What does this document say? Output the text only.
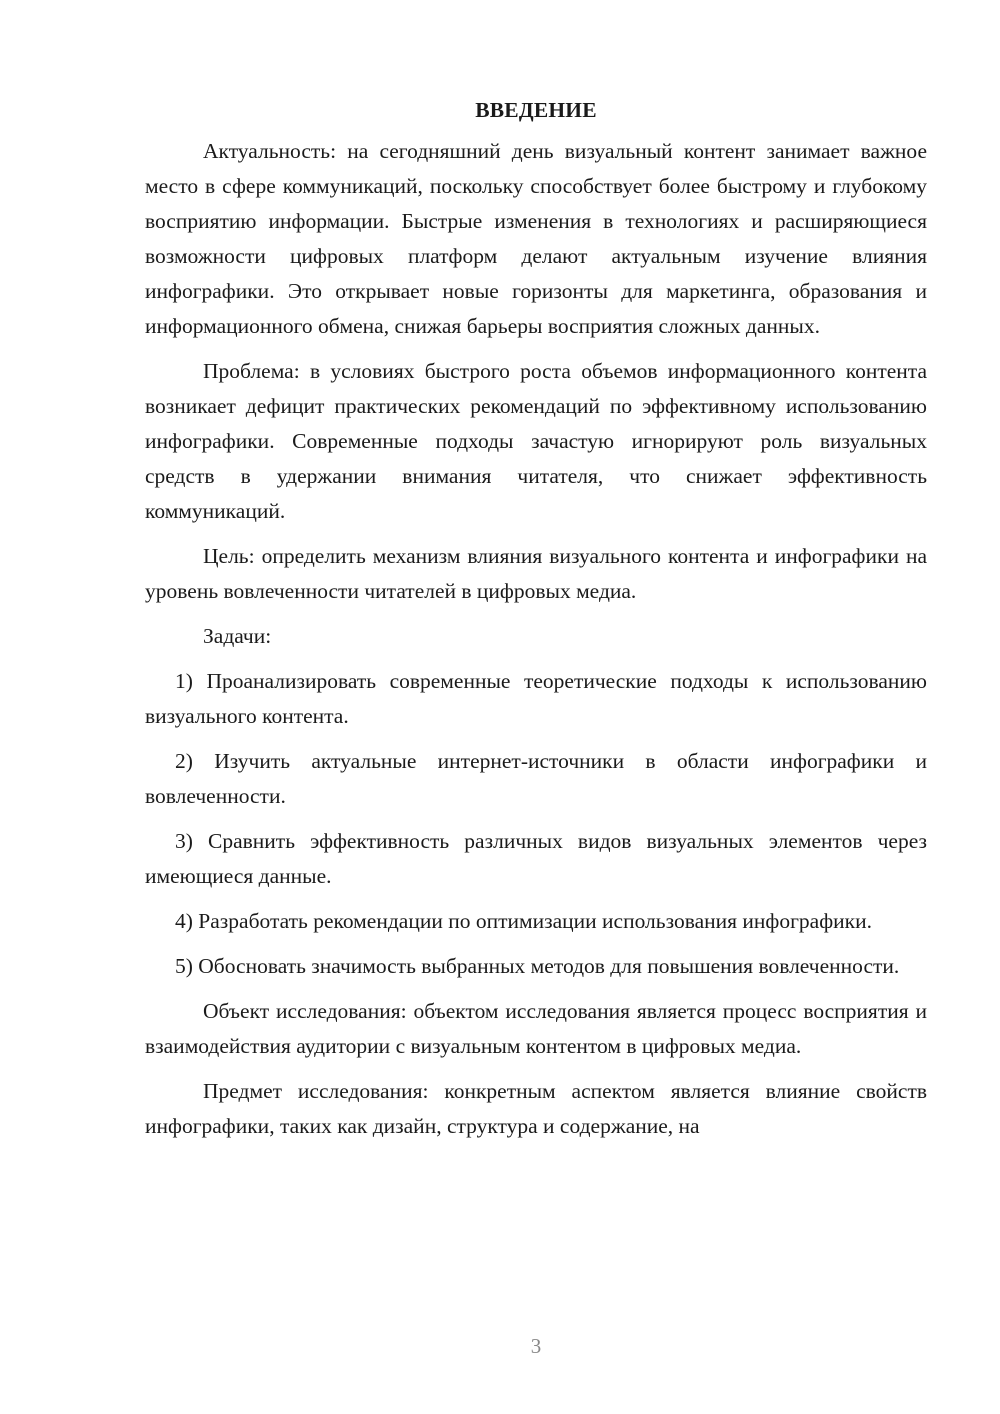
ВВЕДЕНИЕ

Актуальность: на сегодняшний день визуальный контент занимает важное место в сфере коммуникаций, поскольку способствует более быстрому и глубокому восприятию информации. Быстрые изменения в технологиях и расширяющиеся возможности цифровых платформ делают актуальным изучение влияния инфографики. Это открывает новые горизонты для маркетинга, образования и информационного обмена, снижая барьеры восприятия сложных данных.

Проблема: в условиях быстрого роста объемов информационного контента возникает дефицит практических рекомендаций по эффективному использованию инфографики. Современные подходы зачастую игнорируют роль визуальных средств в удержании внимания читателя, что снижает эффективность коммуникаций.

Цель: определить механизм влияния визуального контента и инфографики на уровень вовлеченности читателей в цифровых медиа.

Задачи:

1) Проанализировать современные теоретические подходы к использованию визуального контента.

2) Изучить актуальные интернет-источники в области инфографики и вовлеченности.

3) Сравнить эффективность различных видов визуальных элементов через имеющиеся данные.

4) Разработать рекомендации по оптимизации использования инфографики.

5) Обосновать значимость выбранных методов для повышения вовлеченности.

Объект исследования: объектом исследования является процесс восприятия и взаимодействия аудитории с визуальным контентом в цифровых медиа.

Предмет исследования: конкретным аспектом является влияние свойств инфографики, таких как дизайн, структура и содержание, на

3
